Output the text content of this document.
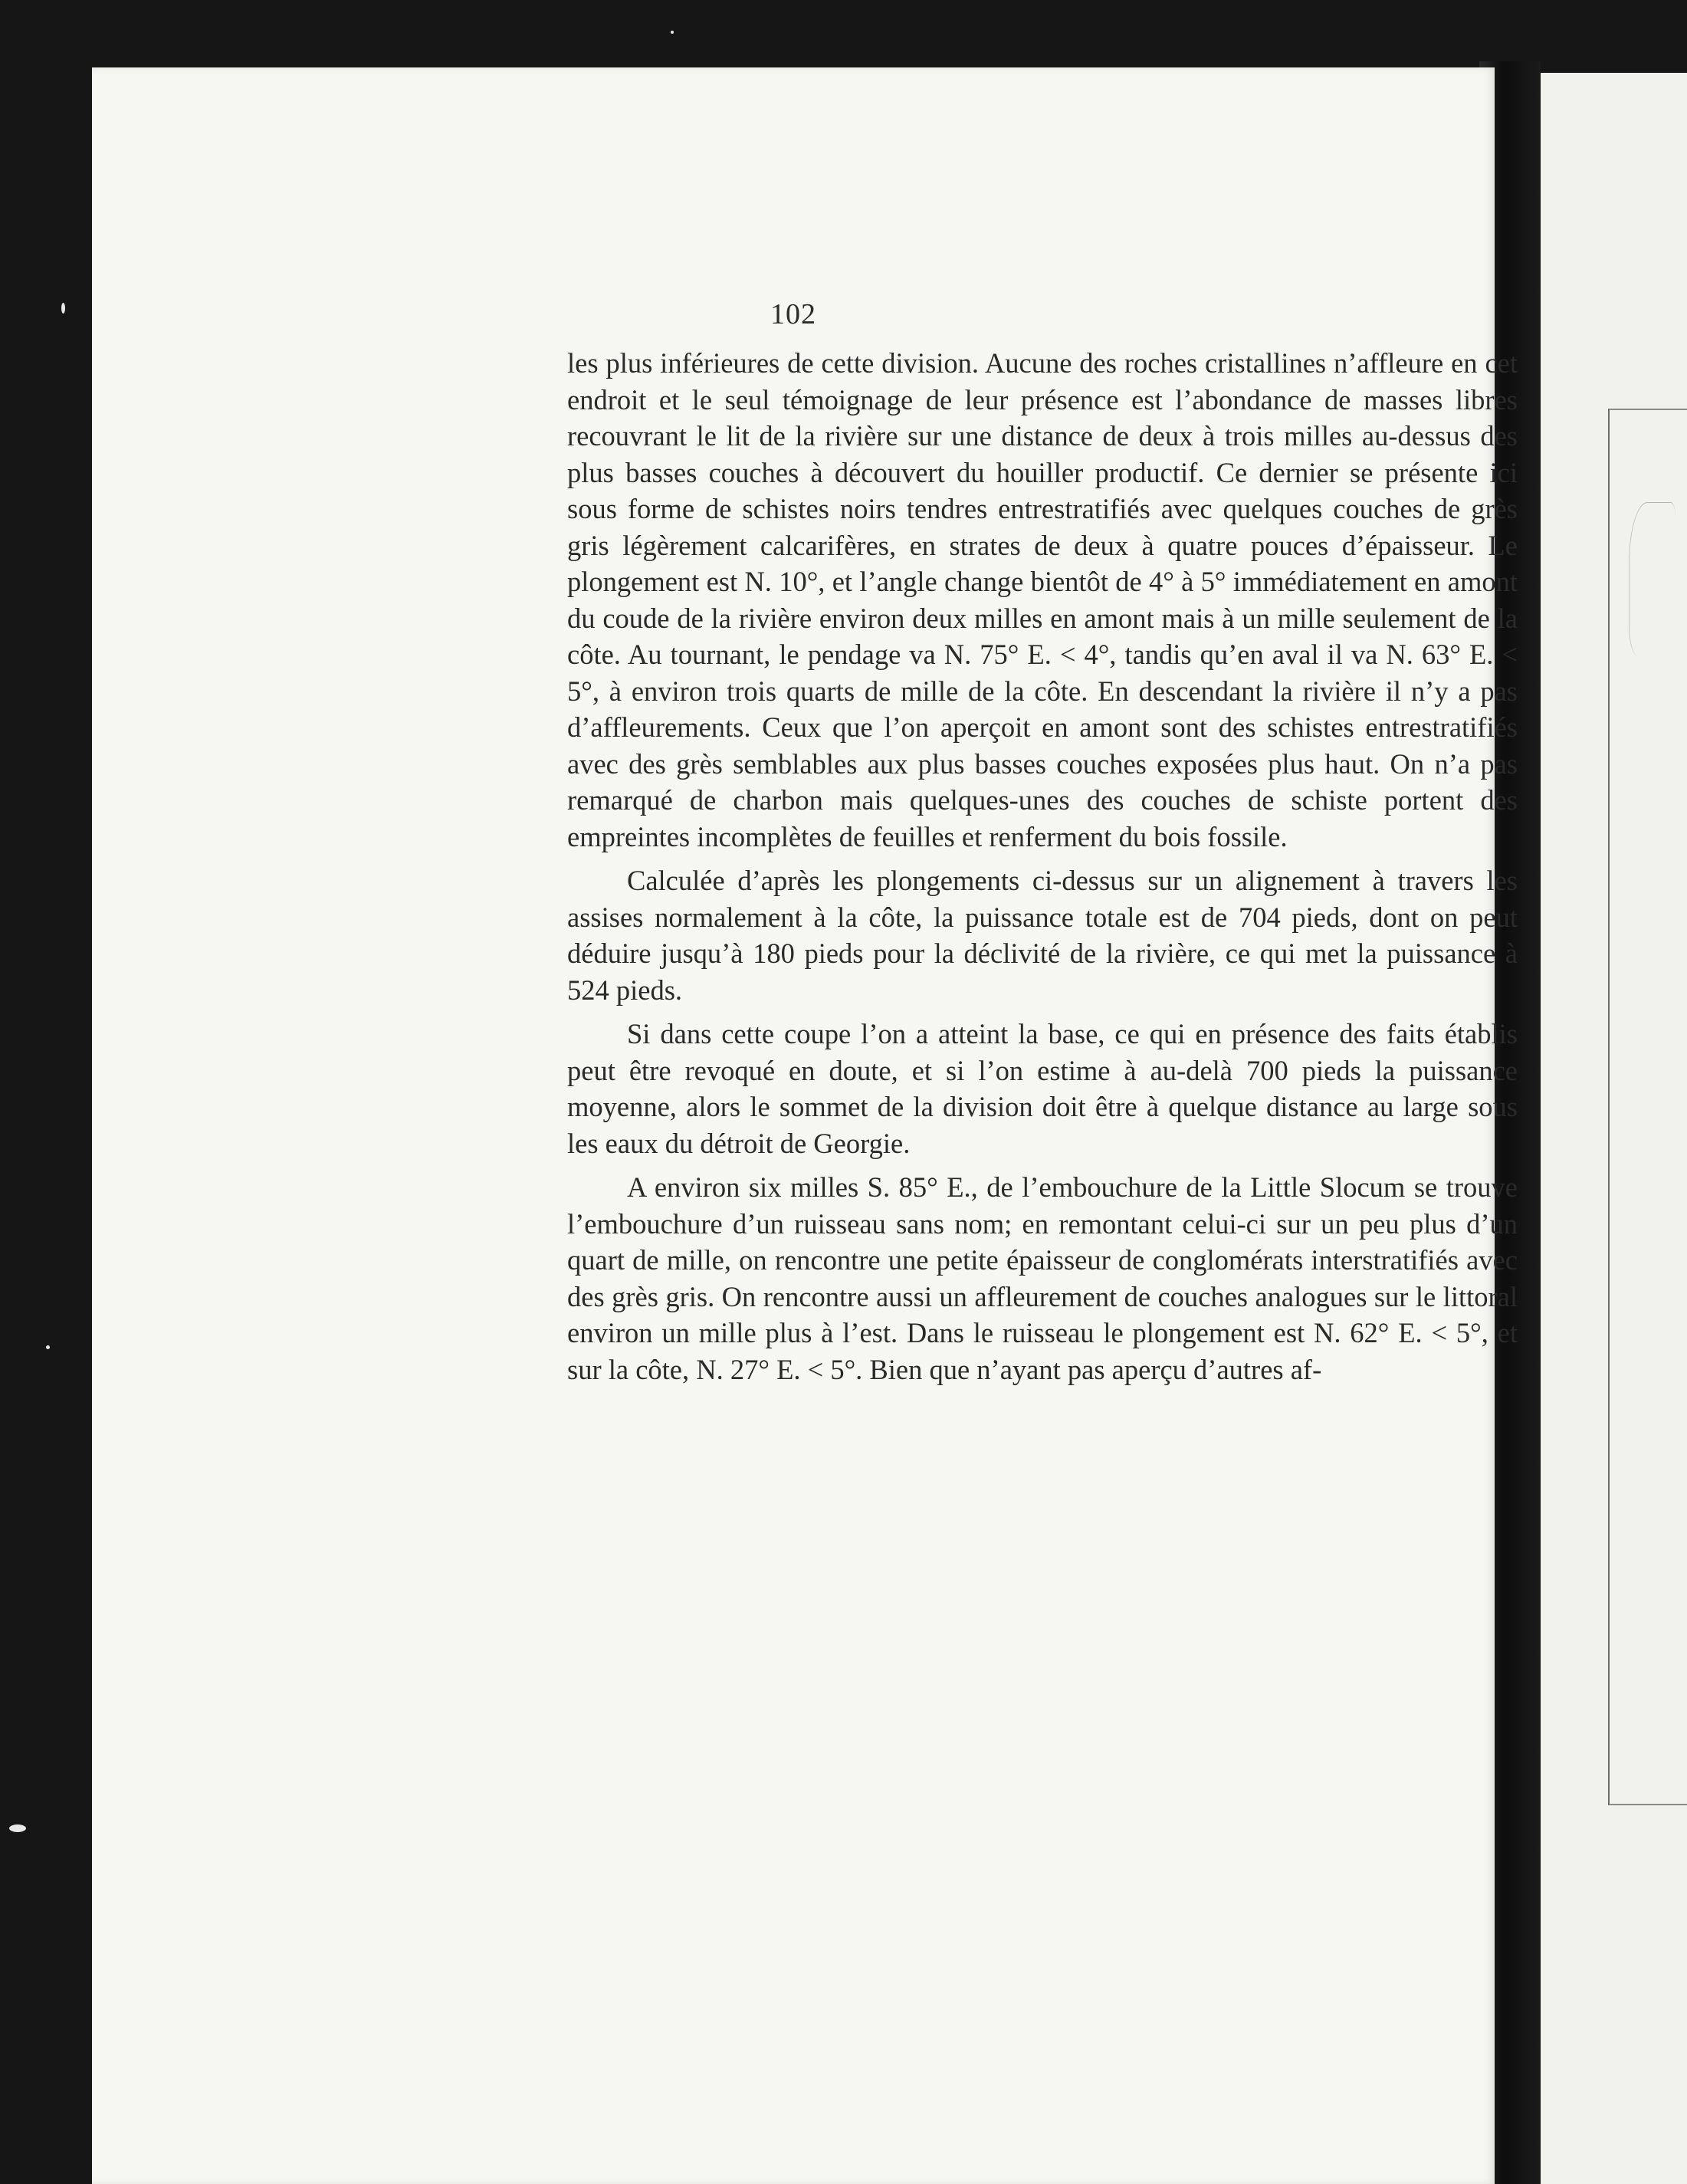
102

les plus inférieures de cette division. Aucune des roches cristallines n’affleure en cet endroit et le seul témoignage de leur présence est l’abondance de masses libres recouvrant le lit de la rivière sur une distance de deux à trois milles au-dessus des plus basses couches à découvert du houiller productif. Ce dernier se présente ici sous forme de schistes noirs tendres entrestratifiés avec quelques couches de grès gris légèrement calcarifères, en strates de deux à quatre pouces d’épaisseur. Le plongement est N. 10°, et l’angle change bientôt de 4° à 5° immédiatement en amont du coude de la rivière environ deux milles en amont mais à un mille seulement de la côte. Au tournant, le pendage va N. 75° E. < 4°, tandis qu’en aval il va N. 63° E. < 5°, à environ trois quarts de mille de la côte. En descendant la rivière il n’y a pas d’affleurements. Ceux que l’on aperçoit en amont sont des schistes entrestratifiés avec des grès semblables aux plus basses couches exposées plus haut. On n’a pas remarqué de charbon mais quelques-unes des couches de schiste portent des empreintes incomplètes de feuilles et renferment du bois fossile.

Calculée d’après les plongements ci-dessus sur un alignement à travers les assises normalement à la côte, la puissance totale est de 704 pieds, dont on peut déduire jusqu’à 180 pieds pour la déclivité de la rivière, ce qui met la puissance à 524 pieds.

Si dans cette coupe l’on a atteint la base, ce qui en présence des faits établis peut être revoqué en doute, et si l’on estime à au-delà 700 pieds la puissance moyenne, alors le sommet de la division doit être à quelque distance au large sous les eaux du détroit de Georgie.

A environ six milles S. 85° E., de l’embouchure de la Little Slocum se trouve l’embouchure d’un ruisseau sans nom; en remontant celui-ci sur un peu plus d’un quart de mille, on rencontre une petite épaisseur de conglomérats interstratifiés avec des grès gris. On rencontre aussi un affleurement de couches analogues sur le littoral environ un mille plus à l’est. Dans le ruisseau le plongement est N. 62° E. < 5°, et sur la côte, N. 27° E. < 5°. Bien que n’ayant pas aperçu d’autres af-
